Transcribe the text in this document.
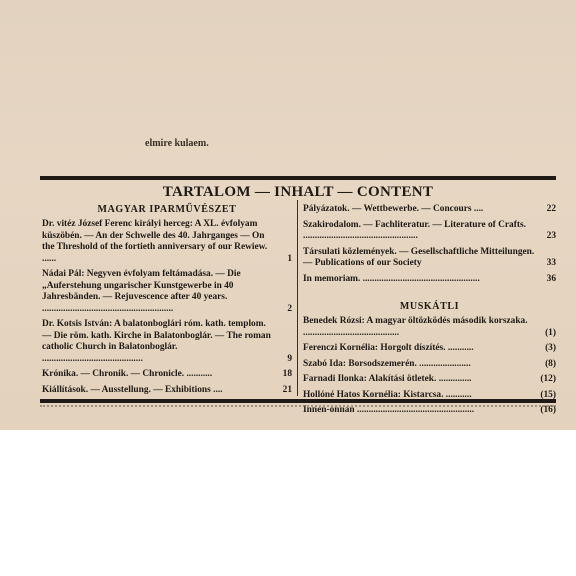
elmire kulaem.
TARTALOM — INHALT — CONTENT
MAGYAR IPARMŰVÉSZET
Dr. vitéz József Ferenc királyi herceg: A XL. évfolyam küszöbén. — An der Schwelle des 40. Jahrganges — On the Threshold of the fortieth anniversary of our Rewiew. ......	1
Nádai Pál: Negyven évfolyam feltámadása. — Die „Auferstehung ungarischer Kunstgewerbe in 40 Jahresbänden. — Rejuvescence after 40 years. ........................................................	2
Dr. Kotsis István: A balatonboglári róm. kath. templom. — Die röm. kath. Kirche in Balatonboglár. — The roman catholic Church in Balatonboglár. ...........................................	9
Krónika. — Chronik. — Chronicle. ...........	18
Kiállítások. — Ausstellung. — Exhibitions ....	21
Pályázatok. — Wettbewerbe. — Concours ....	22
Szakirodalom. — Fachliteratur. — Literature of Crafts. .................................................	23
Társulati közlemények. — Gesellschaftliche Mitteilungen. — Publications of our Society	33
In memoriam. ..................................................	36
MUSKÁTLI
Benedek Rózsi: A magyar öltözködés második korszaka. .........................................	(1)
Ferenczi Kornélia: Horgolt díszítés. ...........	(3)
Szabó Ida: Borsodszemerén. ......................	(8)
Farnadi Ilonka: Alakítási ötletek. ..............	(12)
Hollóné Hatos Kornélia: Kistarcsa. ...........	(15)
Innen-onnan ..................................................	(16)
